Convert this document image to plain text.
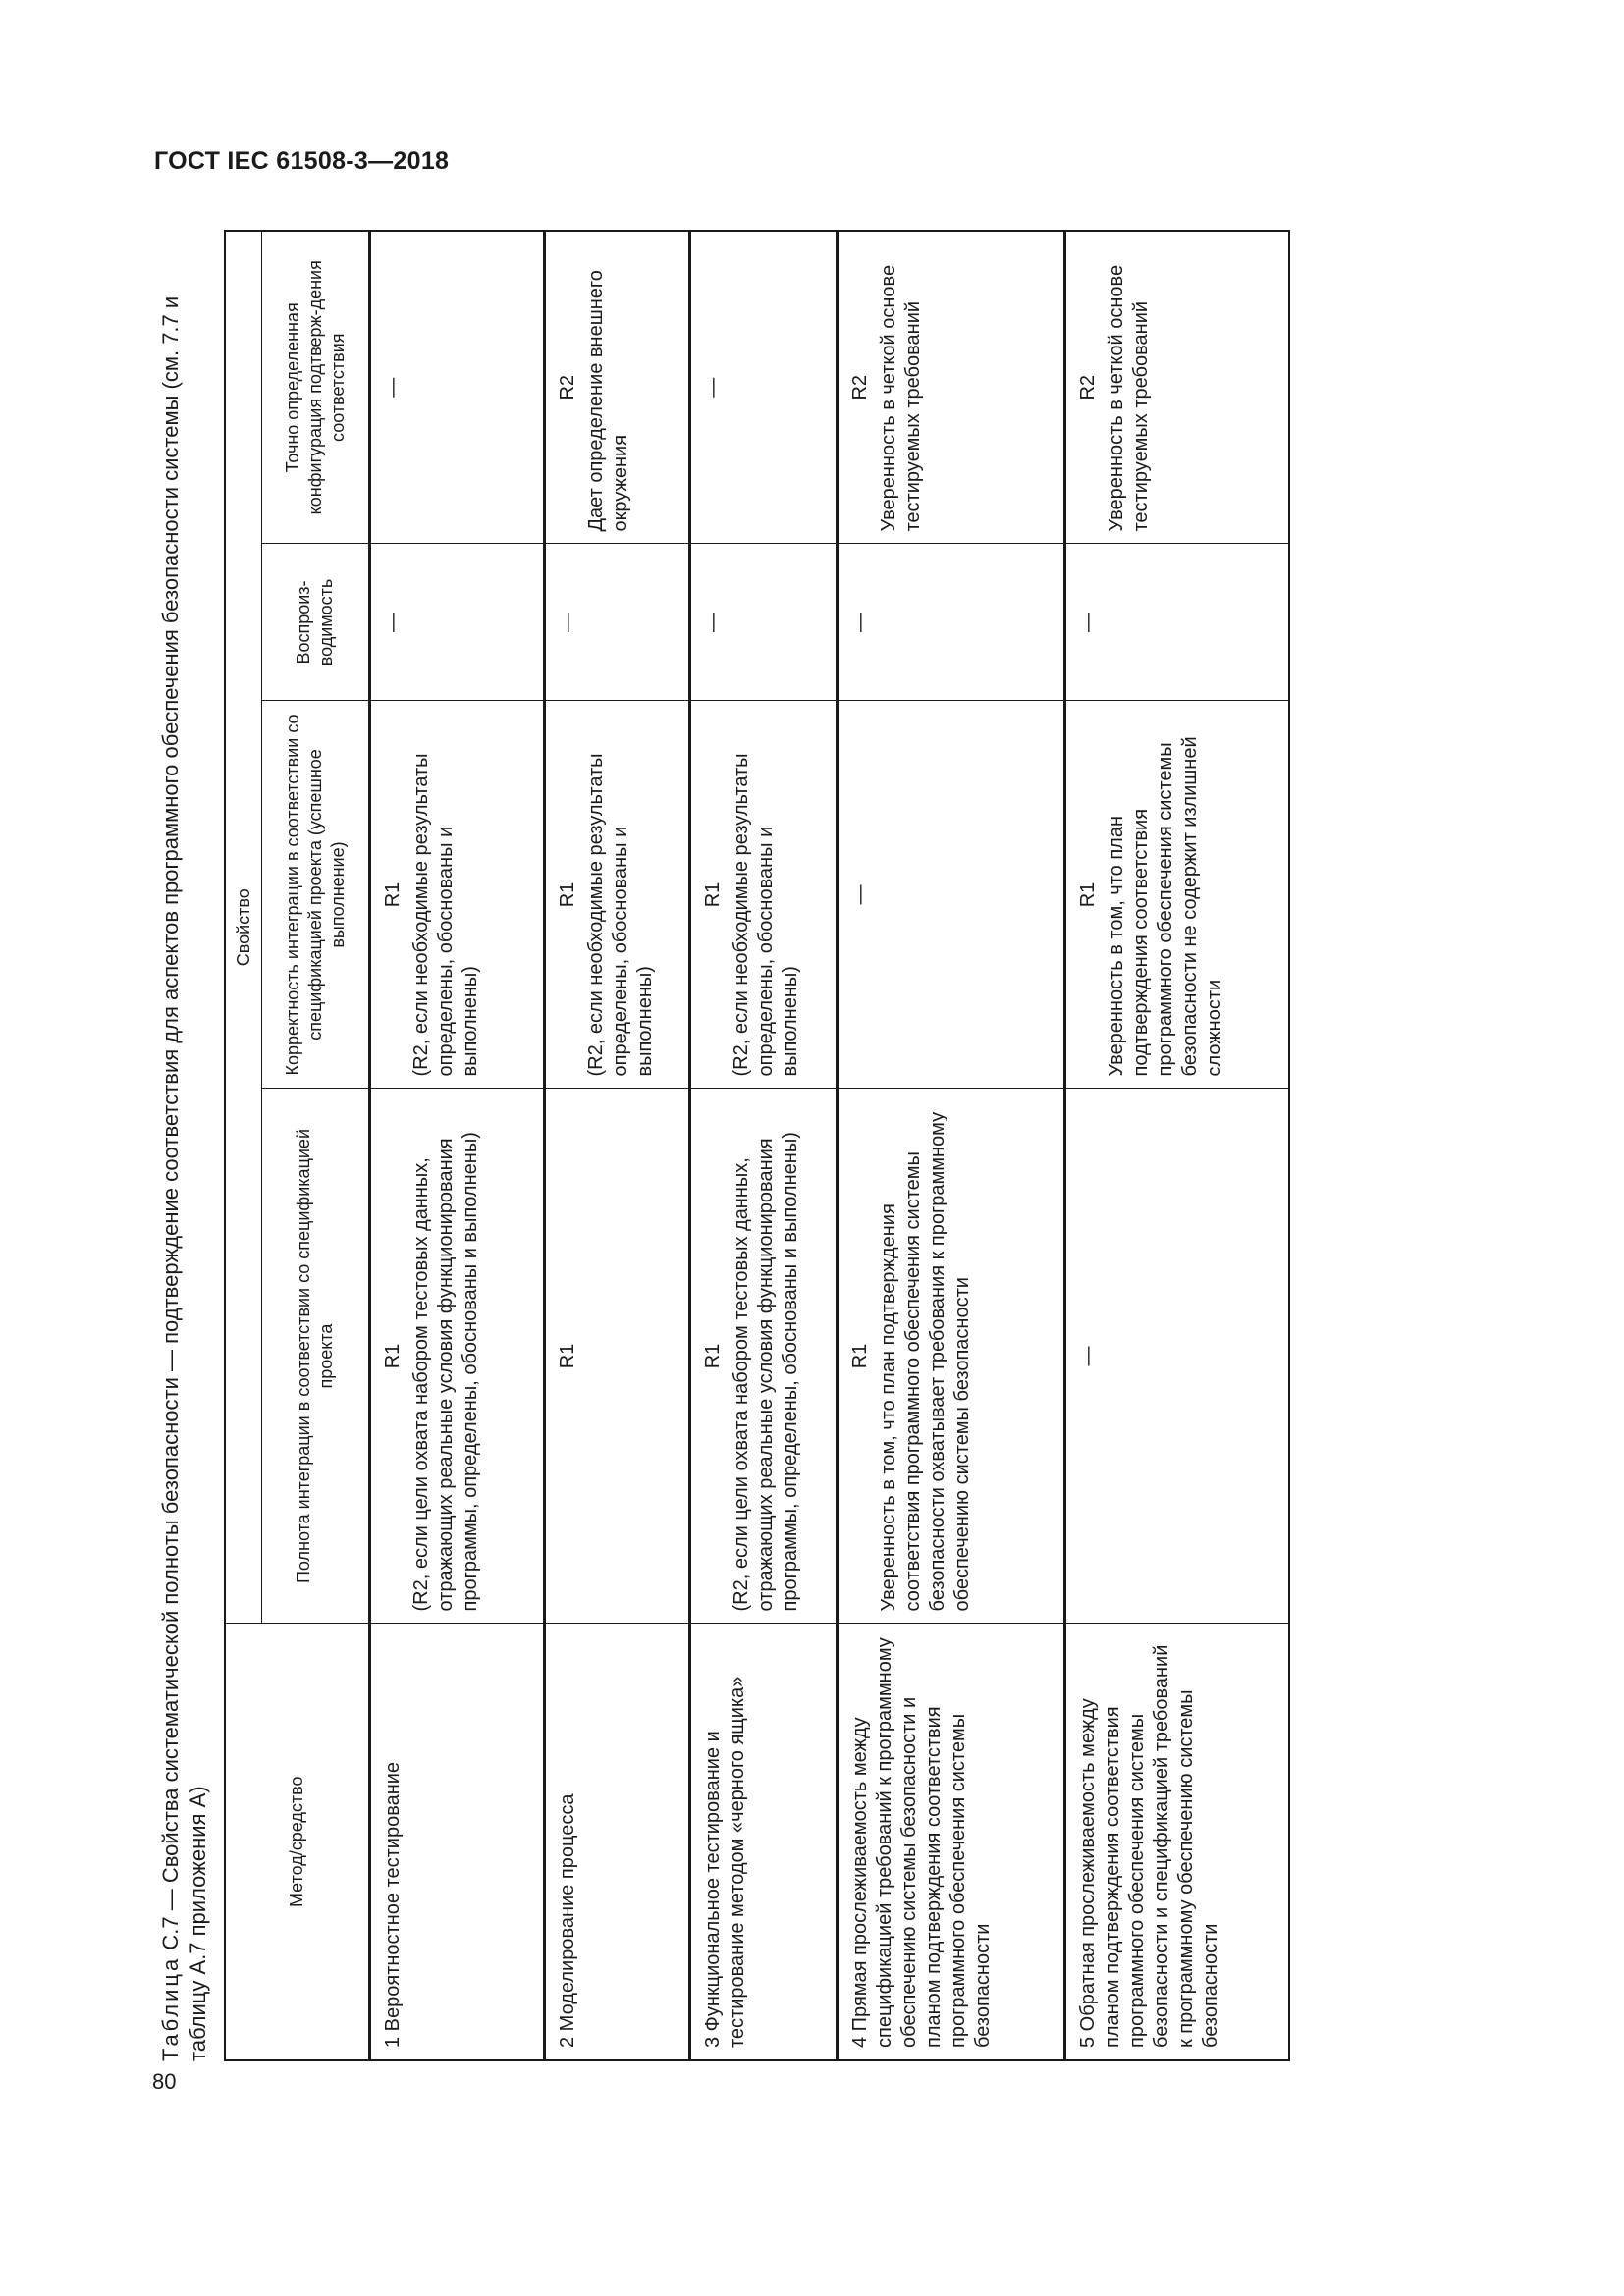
ГОСТ IEC 61508-3—2018
80
Таблица С.7 — Свойства систематической полноты безопасности — подтверждение соответствия для аспектов программного обеспечения безопасности системы (см. 7.7 и таблицу А.7 приложения А)	Метод/средство	Свойство			
	Полнота интеграции в соответствии со спецификацией проекта	Корректность интеграции в соответствии со спецификацией проекта (успешное выполнение)	Воспроиз-водимость	Точно определенная конфигурация подтверж-дения соответствия
1 Вероятностное тестирование	R1 (R2, если цели охвата набором тестовых данных, отражающих реальные условия функционирования программы, определены, обоснованы и выполнены)	R1 (R2, если необходимые результаты определены, обоснованы и выполнены)	—	—

2 Моделирование процесса	R1	R1 (R2, если необходимые результаты определены, обоснованы и выполнены)	—	R2 Дает определение внешнего окружения
3 Функциональное тестирование и тестирование методом «черного ящика»	R1 (R2, если цели охвата набором тестовых данных, отражающих реальные условия функционирования программы, определены, обоснованы и выполнены)	R1 (R2, если необходимые результаты определены, обоснованы и выполнены)	—	—

4 Прямая прослеживаемость между спецификацией требований к программному обеспечению системы безопасности и планом подтверждения соответствия программного обеспечения системы безопасности	R1 Уверенность в том, что план подтверждения соответствия программного обеспечения системы безопасности охватывает требования к программному обеспечению системы безопасности	—	—	R2 Уверенность в четкой основе тестируемых требований
5 Обратная прослеживаемость между планом подтверждения соответствия программного обеспечения системы безопасности и спецификацией требований к программному обеспечению системы безопасности	—	R1 Уверенность в том, что план подтверждения соответствия программного обеспечения системы безопасности не содержит излишней сложности	—	R2 Уверенность в четкой основе тестируемых требований
